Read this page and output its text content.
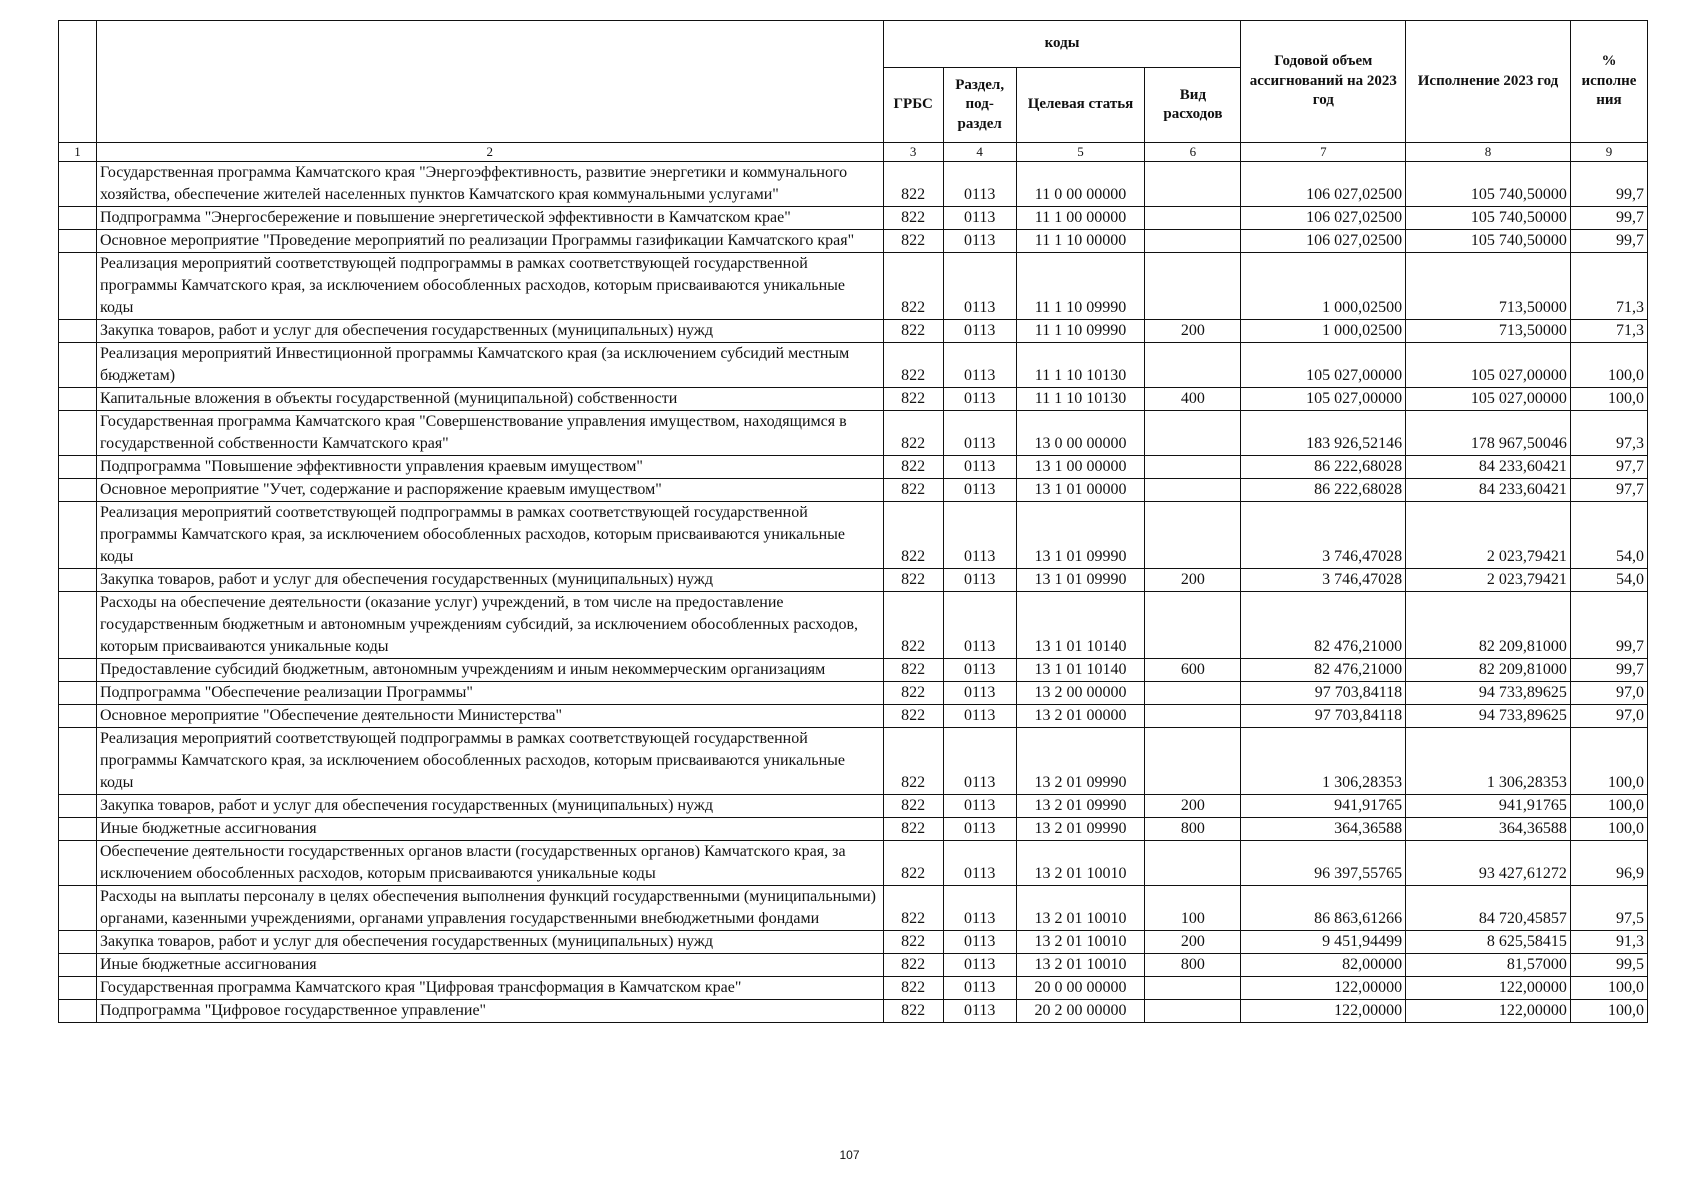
		коды				Годовой объем ассигнований на 2023 год	Исполнение 2023 год	% исполне ния
		ГРБС	Раздел, под-раздел	Целевая статья	Вид расходов			
1	2	3	4	5	6	7	8	9
	Государственная программа Камчатского края "Энергоэффективность, развитие энергетики и коммунального хозяйства, обеспечение жителей населенных пунктов Камчатского края коммунальными услугами"	822	0113	11 0 00 00000		106 027,02500	105 740,50000	99,7
	Подпрограмма "Энергосбережение и повышение энергетической эффективности в Камчатском крае"	822	0113	11 1 00 00000		106 027,02500	105 740,50000	99,7
	Основное мероприятие "Проведение мероприятий по реализации Программы газификации Камчатского края"	822	0113	11 1 10 00000		106 027,02500	105 740,50000	99,7
	Реализация мероприятий соответствующей подпрограммы в рамках соответствующей государственной программы Камчатского края, за исключением обособленных расходов, которым присваиваются уникальные коды	822	0113	11 1 10 09990		1 000,02500	713,50000	71,3
	Закупка товаров, работ и услуг для обеспечения государственных (муниципальных) нужд	822	0113	11 1 10 09990	200	1 000,02500	713,50000	71,3
	Реализация мероприятий Инвестиционной программы Камчатского края (за исключением субсидий местным бюджетам)	822	0113	11 1 10 10130		105 027,00000	105 027,00000	100,0
	Капитальные вложения в объекты государственной (муниципальной) собственности	822	0113	11 1 10 10130	400	105 027,00000	105 027,00000	100,0
	Государственная программа Камчатского края "Совершенствование управления имуществом, находящимся в государственной собственности Камчатского края"	822	0113	13 0 00 00000		183 926,52146	178 967,50046	97,3
	Подпрограмма "Повышение эффективности управления краевым имуществом"	822	0113	13 1 00 00000		86 222,68028	84 233,60421	97,7
	Основное мероприятие "Учет, содержание и распоряжение краевым имуществом"	822	0113	13 1 01 00000		86 222,68028	84 233,60421	97,7
	Реализация мероприятий соответствующей подпрограммы в рамках соответствующей государственной программы Камчатского края, за исключением обособленных расходов, которым присваиваются уникальные коды	822	0113	13 1 01 09990		3 746,47028	2 023,79421	54,0
	Закупка товаров, работ и услуг для обеспечения государственных (муниципальных) нужд	822	0113	13 1 01 09990	200	3 746,47028	2 023,79421	54,0
	Расходы на обеспечение деятельности (оказание услуг) учреждений, в том числе на предоставление государственным бюджетным и автономным учреждениям субсидий, за исключением обособленных расходов, которым присваиваются уникальные коды	822	0113	13 1 01 10140		82 476,21000	82 209,81000	99,7
	Предоставление субсидий бюджетным, автономным учреждениям и иным некоммерческим организациям	822	0113	13 1 01 10140	600	82 476,21000	82 209,81000	99,7
	Подпрограмма "Обеспечение реализации Программы"	822	0113	13 2 00 00000		97 703,84118	94 733,89625	97,0
	Основное мероприятие "Обеспечение деятельности Министерства"	822	0113	13 2 01 00000		97 703,84118	94 733,89625	97,0
	Реализация мероприятий соответствующей подпрограммы в рамках соответствующей государственной программы Камчатского края, за исключением обособленных расходов, которым присваиваются уникальные коды	822	0113	13 2 01 09990		1 306,28353	1 306,28353	100,0
	Закупка товаров, работ и услуг для обеспечения государственных (муниципальных) нужд	822	0113	13 2 01 09990	200	941,91765	941,91765	100,0
	Иные бюджетные ассигнования	822	0113	13 2 01 09990	800	364,36588	364,36588	100,0
	Обеспечение деятельности государственных органов власти (государственных органов) Камчатского края, за исключением обособленных расходов, которым присваиваются уникальные коды	822	0113	13 2 01 10010		96 397,55765	93 427,61272	96,9
	Расходы на выплаты персоналу в целях обеспечения выполнения функций государственными (муниципальными) органами, казенными учреждениями, органами управления государственными внебюджетными фондами	822	0113	13 2 01 10010	100	86 863,61266	84 720,45857	97,5
	Закупка товаров, работ и услуг для обеспечения государственных (муниципальных) нужд	822	0113	13 2 01 10010	200	9 451,94499	8 625,58415	91,3
	Иные бюджетные ассигнования	822	0113	13 2 01 10010	800	82,00000	81,57000	99,5
	Государственная программа Камчатского края "Цифровая трансформация в Камчатском крае"	822	0113	20 0 00 00000		122,00000	122,00000	100,0
	Подпрограмма "Цифровое государственное управление"	822	0113	20 2 00 00000		122,00000	122,00000	100,0
107
